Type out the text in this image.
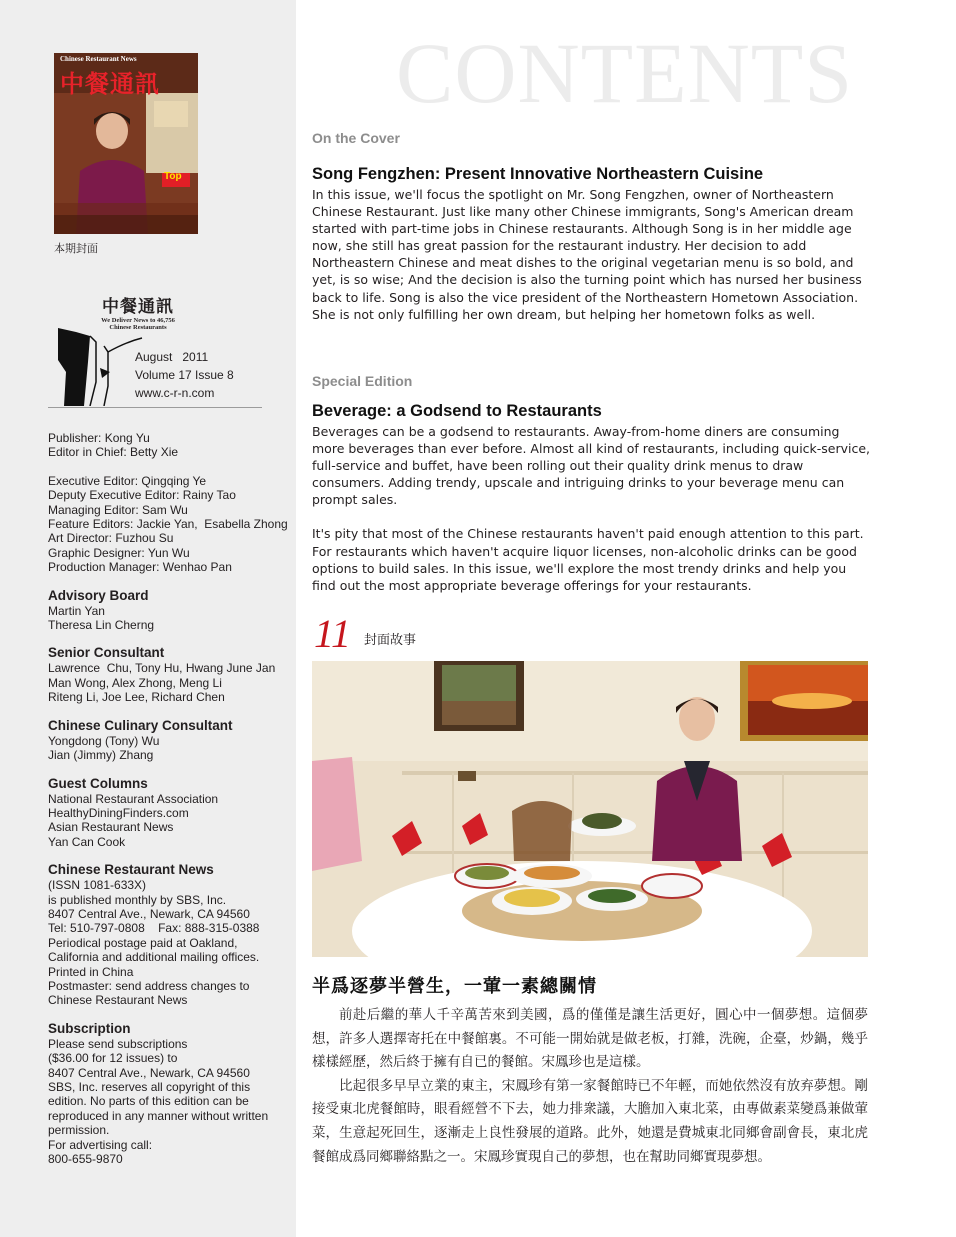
Chinese Restaurant News
中餐通訊
Top
本期封面
中餐通訊
We Deliver News to 46,756
Chinese Restaurants
August   2011
Volume 17 Issue 8
www.c-r-n.com
Publisher: Kong Yu
Editor in Chief: Betty Xie
Executive Editor: Qingqing Ye
Deputy Executive Editor: Rainy Tao
Managing Editor: Sam Wu
Feature Editors: Jackie Yan,  Esabella Zhong
Art Director: Fuzhou Su
Graphic Designer: Yun Wu
Production Manager: Wenhao Pan
Advisory Board
Martin Yan
Theresa Lin Cherng
Senior Consultant
Lawrence  Chu, Tony Hu, Hwang June Jan
Man Wong, Alex Zhong, Meng Li
Riteng Li, Joe Lee, Richard Chen
Chinese Culinary Consultant
Yongdong (Tony) Wu
Jian (Jimmy) Zhang
Guest Columns
National Restaurant Association
HealthyDiningFinders.com
Asian Restaurant News
Yan Can Cook
Chinese Restaurant News
(ISSN 1081-633X)
is published monthly by SBS, Inc.
8407 Central Ave., Newark, CA 94560
Tel: 510-797-0808    Fax: 888-315-0388
Periodical postage paid at Oakland,
California and additional mailing offices.
Printed in China
Postmaster: send address changes to
Chinese Restaurant News
Subscription
Please send subscriptions
($36.00 for 12 issues) to
8407 Central Ave., Newark, CA 94560
SBS, Inc. reserves all copyright of this
edition. No parts of this edition can be
reproduced in any manner without written
permission.
For advertising call:
800-655-9870
CONTENTS
On the Cover
Song Fengzhen: Present Innovative Northeastern Cuisine

In this issue, we'll focus the spotlight on Mr. Song Fengzhen, owner of Northeastern Chinese Restaurant. Just like many other Chinese immigrants, Song's American dream started with part-time jobs in Chinese restaurants. Although Song is in her middle age now, she still has great passion for the restaurant industry. Her decision to add Northeastern Chinese and meat dishes to the original vegetarian menu is so bold, and yet, is so wise; And the decision is also the turning point which has nursed her business back to life. Song is also the vice president of the Northeastern Hometown Association. She is not only fulfilling her own dream, but helping her hometown folks as well.

Special Edition
Beverage: a Godsend to Restaurants

Beverages can be a godsend to restaurants. Away-from-home diners are consuming more beverages than ever before. Almost all kind of restaurants, including quick-service, full-service and buffet, have been rolling out their quality drink menus to draw consumers. Adding trendy, upscale and intriguing drinks to your beverage menu can prompt sales.

It's pity that most of the Chinese restaurants haven't paid enough attention to this part. For restaurants which haven't acquire liquor licenses, non-alcoholic drinks can be good options to build sales. In this issue, we'll explore the most trendy drinks and help you find out the most appropriate beverage offerings for your restaurants.

11 封面故事
半爲逐夢半營生，一葷一素總關情

前赴后繼的華人千辛萬苦來到美國，爲的僅僅是讓生活更好，圓心中一個夢想。這個夢想，許多人選擇寄托在中餐館裏。不可能一開始就是做老板，打雜，洗碗，企臺，炒鍋，幾乎樣樣經歷，然后終于擁有自已的餐館。宋鳳珍也是這樣。

比起很多早早立業的東主，宋鳳珍有第一家餐館時已不年輕，而她依然沒有放弃夢想。剛接受東北虎餐館時，眼看經營不下去，她力排衆議，大膽加入東北菜，由專做素菜變爲兼做葷菜，生意起死回生，逐漸走上良性發展的道路。此外，她還是費城東北同鄉會副會長，東北虎餐館成爲同鄉聯絡點之一。宋鳳珍實現自己的夢想，也在幫助同鄉實現夢想。
